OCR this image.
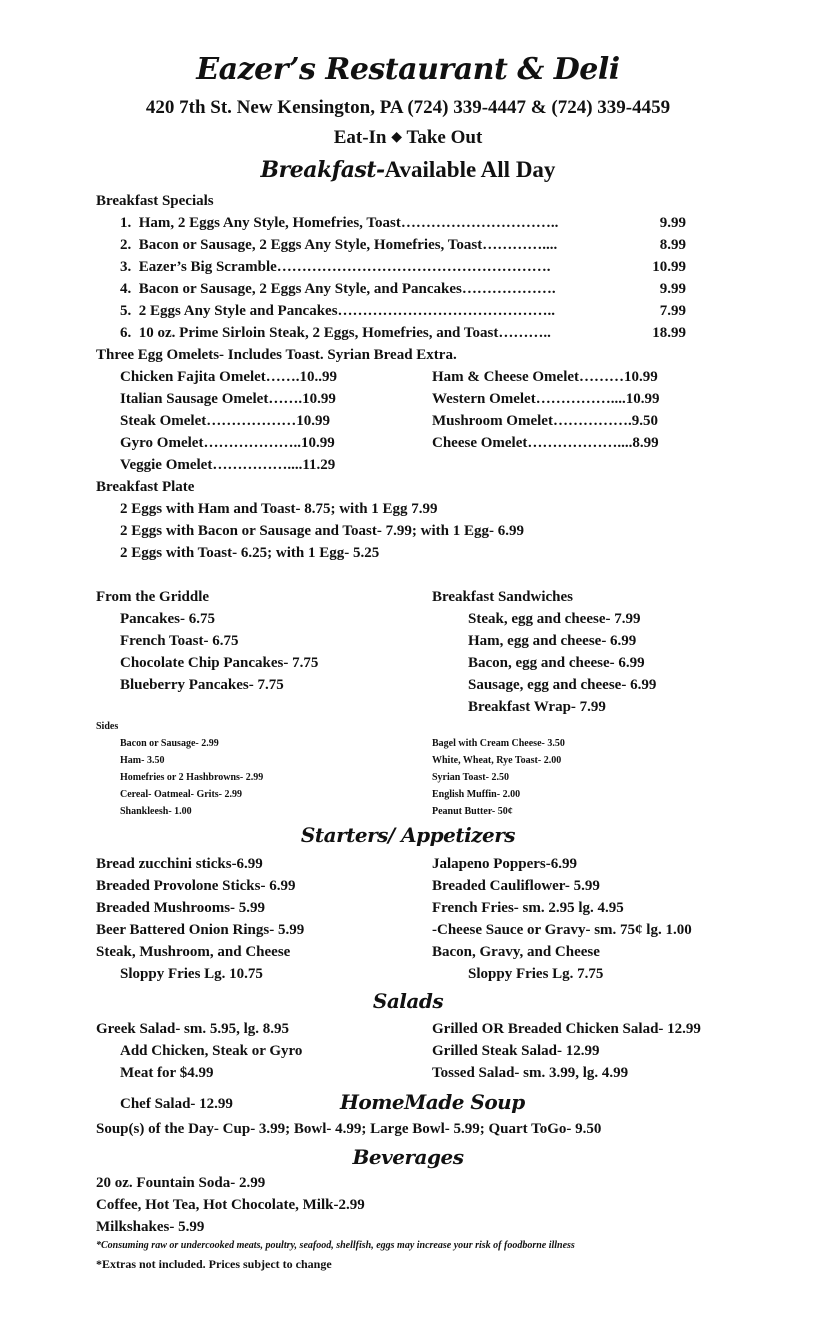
Eazer’s Restaurant & Deli
420 7th St. New Kensington, PA (724) 339-4447 & (724) 339-4459
Eat-In ◆ Take Out
Breakfast-Available All Day
Breakfast Specials
1. Ham, 2 Eggs Any Style, Homefries, Toast…………………………..	9.99
2. Bacon or Sausage, 2 Eggs Any Style, Homefries, Toast…………....	8.99
3. Eazer’s Big Scramble……………………………………………….	10.99
4. Bacon or Sausage, 2 Eggs Any Style, and Pancakes……………….	9.99
5. 2 Eggs Any Style and Pancakes……………………………………..	7.99
6. 10 oz. Prime Sirloin Steak, 2 Eggs, Homefries, and Toast………..	18.99
Three Egg Omelets- Includes Toast. Syrian Bread Extra.
Chicken Fajita Omelet…….10..99
Italian Sausage Omelet…….10.99
Steak Omelet………………10.99
Gyro Omelet………………..10.99
Veggie Omelet……………....11.29
Ham & Cheese Omelet………10.99
Western Omelet……………....10.99
Mushroom Omelet…………….9.50
Cheese Omelet………………....8.99
Breakfast Plate
2 Eggs with Ham and Toast- 8.75; with 1 Egg 7.99
2 Eggs with Bacon or Sausage and Toast- 7.99; with 1 Egg- 6.99
2 Eggs with Toast- 6.25; with 1 Egg- 5.25
From the Griddle
Pancakes- 6.75
French Toast- 6.75
Chocolate Chip Pancakes- 7.75
Blueberry Pancakes- 7.75
Breakfast Sandwiches
Steak, egg and cheese- 7.99
Ham, egg and cheese- 6.99
Bacon, egg and cheese- 6.99
Sausage, egg and cheese- 6.99
Breakfast Wrap- 7.99
Sides
Bacon or Sausage- 2.99
Ham- 3.50
Homefries or 2 Hashbrowns- 2.99
Cereal- Oatmeal- Grits- 2.99
Shankleesh- 1.00
Bagel with Cream Cheese- 3.50
White, Wheat, Rye Toast- 2.00
Syrian Toast- 2.50
English Muffin- 2.00
Peanut Butter- 50¢
Starters/ Appetizers
Bread zucchini sticks-6.99
Breaded Provolone Sticks- 6.99
Breaded Mushrooms- 5.99
Beer Battered Onion Rings- 5.99
Steak, Mushroom, and Cheese
Sloppy Fries Lg. 10.75
Jalapeno Poppers-6.99
Breaded Cauliflower- 5.99
French Fries- sm. 2.95 lg. 4.95
-Cheese Sauce or Gravy- sm. 75¢ lg. 1.00
Bacon, Gravy, and Cheese
Sloppy Fries Lg. 7.75
Salads
Greek Salad- sm. 5.95, lg. 8.95
Add Chicken, Steak or Gyro
Meat for $4.99
Grilled OR Breaded Chicken Salad- 12.99
Grilled Steak Salad- 12.99
Tossed Salad- sm. 3.99, lg. 4.99
Chef Salad- 12.99	HomeMade Soup
Soup(s) of the Day- Cup- 3.99; Bowl- 4.99; Large Bowl- 5.99; Quart ToGo- 9.50
Beverages
20 oz. Fountain Soda- 2.99
Coffee, Hot Tea, Hot Chocolate, Milk-2.99
Milkshakes- 5.99
*Consuming raw or undercooked meats, poultry, seafood, shellfish, eggs may increase your risk of foodborne illness
*Extras not included. Prices subject to change
